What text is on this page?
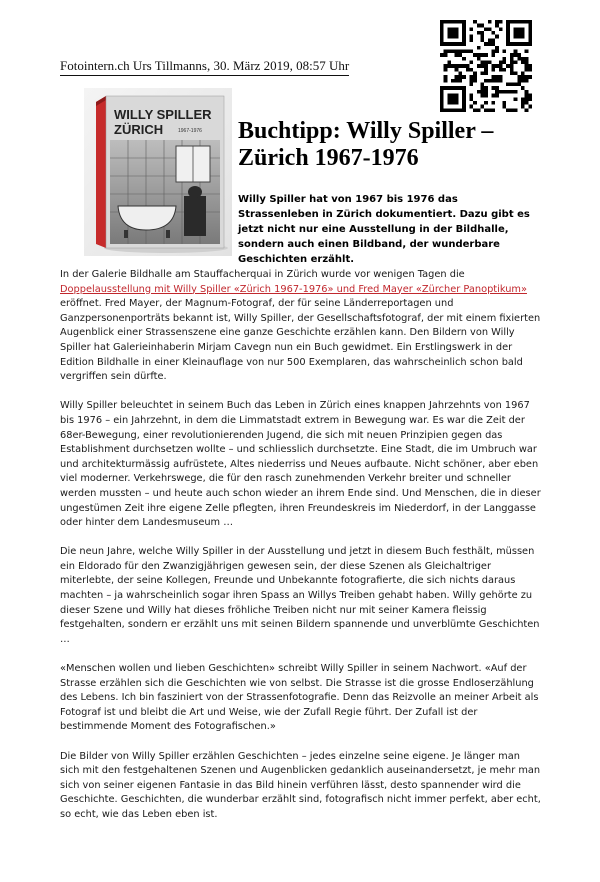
Fotointern.ch Urs Tillmanns, 30. März 2019, 08:57 Uhr
WILLY SPILLER
ZÜRICH	1967-1976 Buchtipp: Willy Spiller – Zürich 1967-1976

Willy Spiller hat von 1967 bis 1976 das Strassenleben in Zürich dokumentiert. Dazu gibt es jetzt nicht nur eine Ausstellung in der Bildhalle, sondern auch einen Bildband, der wunderbare Geschichten erzählt.

In der Galerie Bildhalle am Stauffacherquai in Zürich wurde vor wenigen Tagen die Doppelausstellung mit Willy Spiller «Zürich 1967-1976» und Fred Mayer «Zürcher Panoptikum» eröffnet. Fred Mayer, der Magnum-Fotograf, der für seine Länderreportagen und Ganzpersonenporträts bekannt ist, Willy Spiller, der Gesellschaftsfotograf, der mit einem fixierten Augenblick einer Strassenszene eine ganze Geschichte erzählen kann. Den Bildern von Willy Spiller hat Galerieinhaberin Mirjam Cavegn nun ein Buch gewidmet. Ein Erstlingswerk in der Edition Bildhalle in einer Kleinauflage von nur 500 Exemplaren, das wahrscheinlich schon bald vergriffen sein dürfte.

Willy Spiller beleuchtet in seinem Buch das Leben in Zürich eines knappen Jahrzehnts von 1967 bis 1976 – ein Jahrzehnt, in dem die Limmatstadt extrem in Bewegung war. Es war die Zeit der 68er-Bewegung, einer revolutionierenden Jugend, die sich mit neuen Prinzipien gegen das Establishment durchsetzen wollte – und schliesslich durchsetzte. Eine Stadt, die im Umbruch war und architekturmässig aufrüstete, Altes niederriss und Neues aufbaute. Nicht schöner, aber eben viel moderner. Verkehrswege, die für den rasch zunehmenden Verkehr breiter und schneller werden mussten – und heute auch schon wieder an ihrem Ende sind. Und Menschen, die in dieser ungestümen Zeit ihre eigene Zelle pflegten, ihren Freundeskreis im Niederdorf, in der Langgasse oder hinter dem Landesmuseum …

Die neun Jahre, welche Willy Spiller in der Ausstellung und jetzt in diesem Buch festhält, müssen ein Eldorado für den Zwanzigjährigen gewesen sein, der diese Szenen als Gleichaltriger miterlebte, der seine Kollegen, Freunde und Unbekannte fotografierte, die sich nichts daraus machten – ja wahrscheinlich sogar ihren Spass an Willys Treiben gehabt haben. Willy gehörte zu dieser Szene und Willy hat dieses fröhliche Treiben nicht nur mit seiner Kamera fleissig festgehalten, sondern er erzählt uns mit seinen Bildern spannende und unverblümte Geschichten …

«Menschen wollen und lieben Geschichten» schreibt Willy Spiller in seinem Nachwort. «Auf der Strasse erzählen sich die Geschichten wie von selbst. Die Strasse ist die grosse Endloserzählung des Lebens. Ich bin fasziniert von der Strassenfotografie. Denn das Reizvolle an meiner Arbeit als Fotograf ist und bleibt die Art und Weise, wie der Zufall Regie führt. Der Zufall ist der bestimmende Moment des Fotografischen.»

Die Bilder von Willy Spiller erzählen Geschichten – jedes einzelne seine eigene. Je länger man sich mit den festgehaltenen Szenen und Augenblicken gedanklich auseinandersetzt, je mehr man sich von seiner eigenen Fantasie in das Bild hinein verführen lässt, desto spannender wird die Geschichte. Geschichten, die wunderbar erzählt sind, fotografisch nicht immer perfekt, aber echt, so echt, wie das Leben eben ist.
